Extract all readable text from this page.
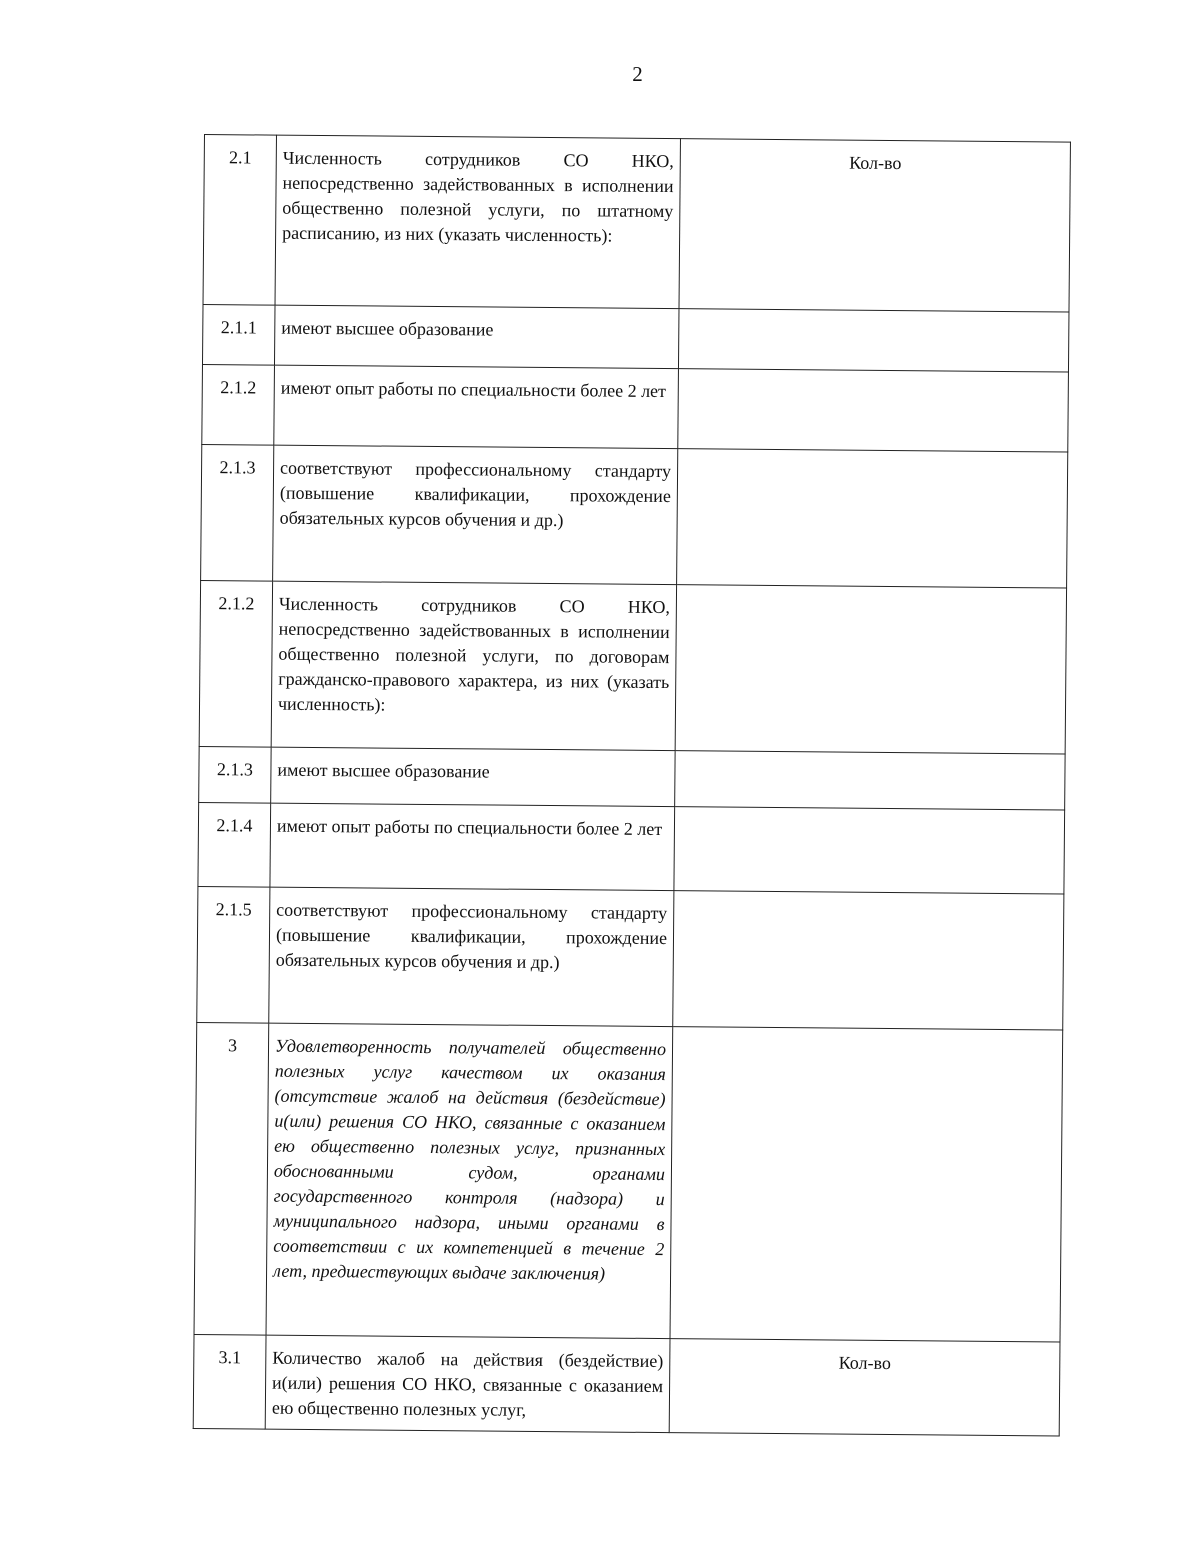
2
2.1	Численность сотрудников СО НКО, непосредственно задействованных в исполнении общественно полезной услуги, по штатному расписанию, из них (указать численность):	Кол-во
2.1.1	имеют высшее образование	
2.1.2	имеют опыт работы по специальности более 2 лет	
2.1.3	соответствуют профессиональному стандарту (повышение квалификации, прохождение обязательных курсов обучения и др.)	
2.1.2	Численность сотрудников СО НКО, непосредственно задействованных в исполнении общественно полезной услуги, по договорам гражданско-правового характера, из них (указать численность):	
2.1.3	имеют высшее образование	
2.1.4	имеют опыт работы по специальности более 2 лет	
2.1.5	соответствуют профессиональному стандарту (повышение квалификации, прохождение обязательных курсов обучения и др.)	
3	Удовлетворенность получателей общественно полезных услуг качеством их оказания (отсутствие жалоб на действия (бездействие) и(или) решения СО НКО, связанные с оказанием ею общественно полезных услуг, признанных обоснованными судом, органами государственного контроля (надзора) и муниципального надзора, иными органами в соответствии с их компетенцией в течение 2 лет, предшествующих выдаче заключения)	
3.1	Количество жалоб на действия (бездействие) и(или) решения СО НКО, связанные с оказанием ею общественно полезных услуг,	Кол-во
